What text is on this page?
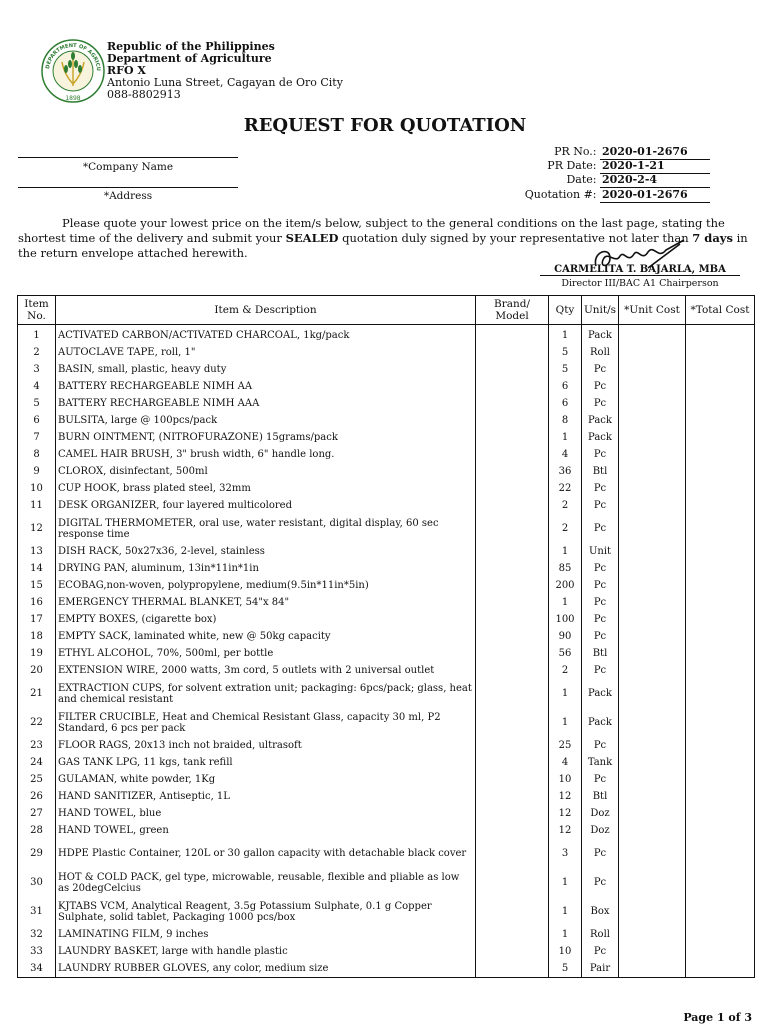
DEPARTMENT OF AGRICU
1898
Republic of the Philippines
Department of Agriculture
RFO X
Antonio Luna Street, Cagayan de Oro City
088-8802913
REQUEST FOR QUOTATION
*Company Name
*Address
PR No.: 2020-01-2676
PR Date: 2020-1-21
Date: 2020-2-4
Quotation #: 2020-01-2676
Please quote your lowest price on the item/s below, subject to the general conditions on the last page, stating the shortest time of the delivery and submit your SEALED quotation duly signed by your representative not later than 7 days in the return envelope attached herewith.
CARMELITA T. BAJARLA, MBA
Director III/BAC A1 Chairperson
Item No.	Item & Description	Brand/ Model	Qty	Unit/s	*Unit Cost	*Total Cost
1	ACTIVATED CARBON/ACTIVATED CHARCOAL, 1kg/pack		1	Pack		
2	AUTOCLAVE TAPE, roll, 1"		5	Roll		
3	BASIN, small, plastic, heavy duty		5	Pc		
4	BATTERY RECHARGEABLE NIMH AA		6	Pc		
5	BATTERY RECHARGEABLE NIMH AAA		6	Pc		
6	BULSITA, large @ 100pcs/pack		8	Pack		
7	BURN OINTMENT, (NITROFURAZONE) 15grams/pack		1	Pack		
8	CAMEL HAIR BRUSH, 3" brush width, 6" handle long.		4	Pc		
9	CLOROX, disinfectant, 500ml		36	Btl		
10	CUP HOOK, brass plated steel, 32mm		22	Pc		
11	DESK ORGANIZER, four layered multicolored		2	Pc		
12	DIGITAL THERMOMETER, oral use, water resistant, digital display, 60 sec response time		2	Pc		
13	DISH RACK, 50x27x36, 2-level, stainless		1	Unit		
14	DRYING PAN, aluminum, 13in*11in*1in		85	Pc		
15	ECOBAG,non-woven, polypropylene, medium(9.5in*11in*5in)		200	Pc		
16	EMERGENCY THERMAL BLANKET, 54"x 84"		1	Pc		
17	EMPTY BOXES, (cigarette box)		100	Pc		
18	EMPTY SACK, laminated white, new @ 50kg capacity		90	Pc		
19	ETHYL ALCOHOL, 70%, 500ml, per bottle		56	Btl		
20	EXTENSION WIRE, 2000 watts, 3m cord, 5 outlets with 2 universal outlet		2	Pc		
21	EXTRACTION CUPS, for solvent extration unit; packaging: 6pcs/pack; glass, heat and chemical resistant		1	Pack		
22	FILTER CRUCIBLE, Heat and Chemical Resistant Glass, capacity 30 ml, P2 Standard, 6 pcs per pack		1	Pack		
23	FLOOR RAGS, 20x13 inch not braided, ultrasoft		25	Pc		
24	GAS TANK LPG, 11 kgs, tank refill		4	Tank		
25	GULAMAN, white powder, 1Kg		10	Pc		
26	HAND SANITIZER, Antiseptic, 1L		12	Btl		
27	HAND TOWEL, blue		12	Doz		
28	HAND TOWEL, green		12	Doz		
29	HDPE Plastic Container, 120L or 30 gallon capacity with detachable black cover		3	Pc		
30	HOT & COLD PACK, gel type, microwable, reusable, flexible and pliable as low as 20degCelcius		1	Pc		
31	KJTABS VCM, Analytical Reagent, 3.5g Potassium Sulphate, 0.1 g Copper Sulphate, solid tablet, Packaging 1000 pcs/box		1	Box		
32	LAMINATING FILM, 9 inches		1	Roll		
33	LAUNDRY BASKET, large with handle plastic		10	Pc		
34	LAUNDRY RUBBER GLOVES, any color, medium size		5	Pair		
Page 1 of 3
